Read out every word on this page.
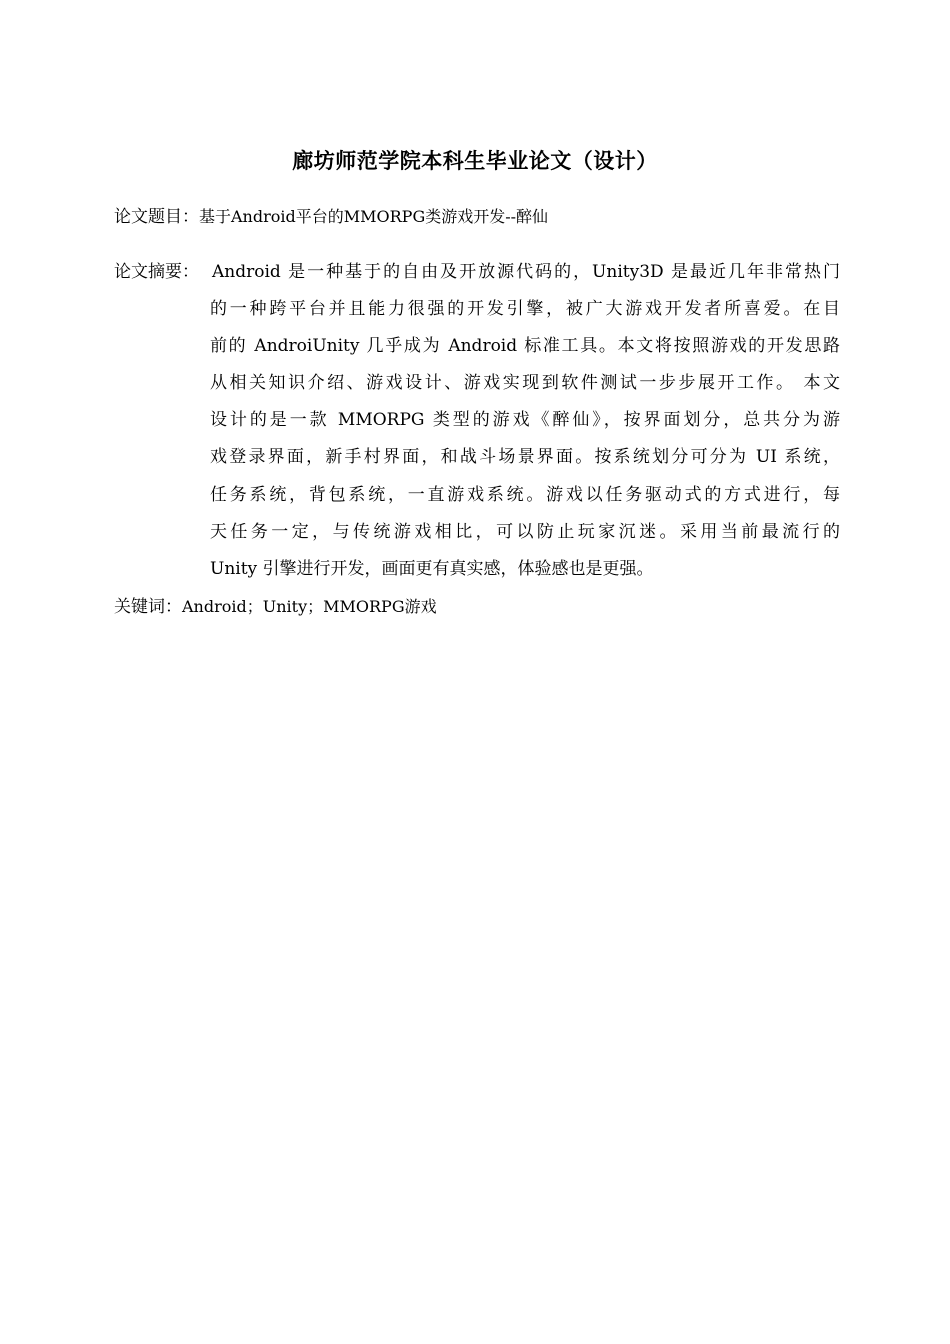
廊坊师范学院本科生毕业论文（设计）
论文题目：基于Android平台的MMORPG类游戏开发--醉仙
论文摘要： Android 是一种基于的自由及开放源代码的，Unity3D 是最近几年非常热门
的一种跨平台并且能力很强的开发引擎，被广大游戏开发者所喜爱。在目
前的 AndroiUnity 几乎成为 Android 标准工具。本文将按照游戏的开发思路
从相关知识介绍、游戏设计、游戏实现到软件测试一步步展开工作。 本文
设计的是一款 MMORPG 类型的游戏《醉仙》，按界面划分，总共分为游
戏登录界面，新手村界面，和战斗场景界面。按系统划分可分为 UI 系统，
任务系统，背包系统，一直游戏系统。游戏以任务驱动式的方式进行，每
天任务一定，与传统游戏相比，可以防止玩家沉迷。采用当前最流行的
Unity 引擎进行开发，画面更有真实感，体验感也是更强。
关键词：Android；Unity；MMORPG游戏
